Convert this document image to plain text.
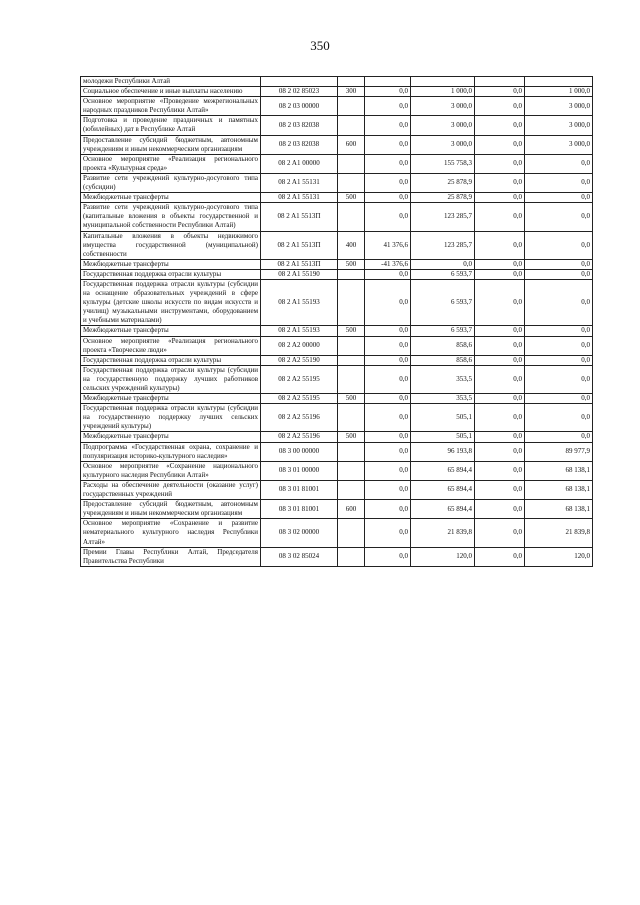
350
молодежи Республики Алтай						
Социальное обеспечение и иные выплаты населению	08 2 02 85023	300	0,0	1 000,0	0,0	1 000,0
Основное мероприятие «Проведение межрегиональных народных праздников Республики Алтай»	08 2 03 00000		0,0	3 000,0	0,0	3 000,0
Подготовка и проведение праздничных и памятных (юбилейных) дат в Республике Алтай	08 2 03 82038		0,0	3 000,0	0,0	3 000,0
Предоставление субсидий бюджетным, автономным учреждениям и иным некоммерческим организациям	08 2 03 82038	600	0,0	3 000,0	0,0	3 000,0
Основное мероприятие «Реализация регионального проекта «Культурная среда»	08 2 A1 00000		0,0	155 758,3	0,0	0,0
Развитие сети учреждений культурно-досугового типа (субсидии)	08 2 A1 55131		0,0	25 878,9	0,0	0,0
Межбюджетные трансферты	08 2 A1 55131	500	0,0	25 878,9	0,0	0,0
Развитие сети учреждений культурно-досугового типа (капитальные вложения в объекты государственной и муниципальной собственности Республики Алтай)	08 2 A1 5513П		0,0	123 285,7	0,0	0,0
Капитальные вложения в объекты недвижимого имущества государственной (муниципальной) собственности	08 2 A1 5513П	400	41 376,6	123 285,7	0,0	0,0
Межбюджетные трансферты	08 2 A1 5513П	500	-41 376,6	0,0	0,0	0,0
Государственная поддержка отрасли культуры	08 2 A1 55190		0,0	6 593,7	0,0	0,0
Государственная поддержка отрасли культуры (субсидии на оснащение образовательных учреждений в сфере культуры (детские школы искусств по видам искусств и училищ) музыкальными инструментами, оборудованием и учебными материалами)	08 2 A1 55193		0,0	6 593,7	0,0	0,0
Межбюджетные трансферты	08 2 A1 55193	500	0,0	6 593,7	0,0	0,0
Основное мероприятие «Реализация регионального проекта «Творческие люди»	08 2 A2 00000		0,0	858,6	0,0	0,0
Государственная поддержка отрасли культуры	08 2 A2 55190		0,0	858,6	0,0	0,0
Государственная поддержка отрасли культуры (субсидии на государственную поддержку лучших работников сельских учреждений культуры)	08 2 A2 55195		0,0	353,5	0,0	0,0
Межбюджетные трансферты	08 2 A2 55195	500	0,0	353,5	0,0	0,0
Государственная поддержка отрасли культуры (субсидии на государственную поддержку лучших сельских учреждений культуры)	08 2 A2 55196		0,0	505,1	0,0	0,0
Межбюджетные трансферты	08 2 A2 55196	500	0,0	505,1	0,0	0,0
Подпрограмма «Государственная охрана, сохранение и популяризация историко-культурного наследия»	08 3 00 00000		0,0	96 193,8	0,0	89 977,9
Основное мероприятие «Сохранение национального культурного наследия Республики Алтай»	08 3 01 00000		0,0	65 894,4	0,0	68 138,1
Расходы на обеспечение деятельности (оказание услуг) государственных учреждений	08 3 01 81001		0,0	65 894,4	0,0	68 138,1
Предоставление субсидий бюджетным, автономным учреждениям и иным некоммерческим организациям	08 3 01 81001	600	0,0	65 894,4	0,0	68 138,1
Основное мероприятие «Сохранение и развитие нематериального культурного наследия Республики Алтай»	08 3 02 00000		0,0	21 839,8	0,0	21 839,8
Премии Главы Республики Алтай, Председателя Правительства Республики	08 3 02 85024		0,0	120,0	0,0	120,0
